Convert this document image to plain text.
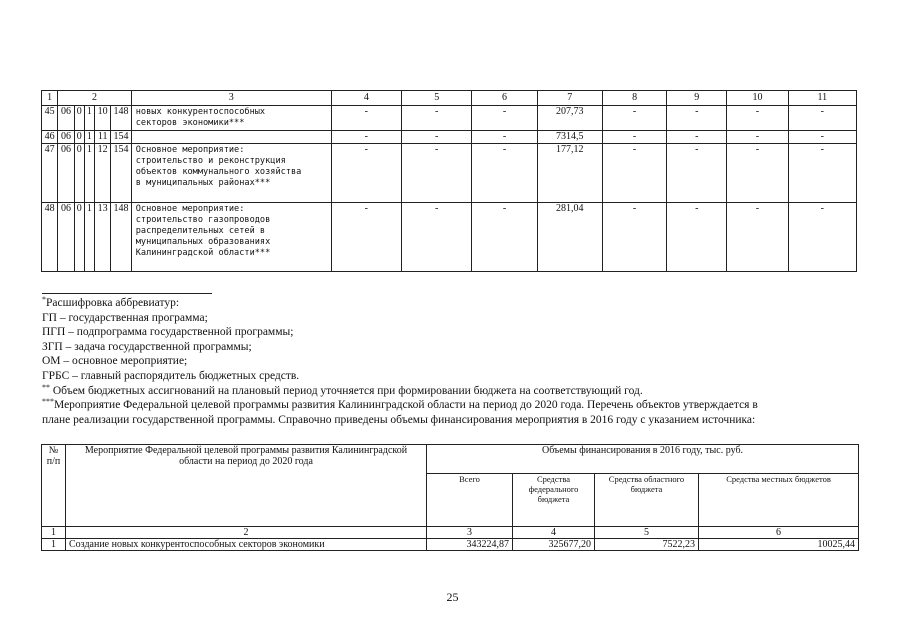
1	2					3	4	5	6	7	8	9	10	11
45	06	0	1	10	148	новых конкурентоспособных
секторов экономики***	-	-	-	207,73	-	-	-	-
46	06	0	1	11	154		-	-	-	7314,5	-	-	-	-
47	06	0	1	12	154	Основное мероприятие:
строительство и реконструкция
объектов коммунального хозяйства
в муниципальных районах***	-	-	-	177,12	-	-	-	-
48	06	0	1	13	148	Основное мероприятие:
строительство газопроводов
распределительных сетей в
муниципальных образованиях
Калининградской области***	-	-	-	281,04	-	-	-	-
*Расшифровка аббревиатур:
ГП – государственная программа;
ПГП – подпрограмма государственной программы;
ЗГП – задача государственной программы;
ОМ – основное мероприятие;
ГРБС – главный распорядитель бюджетных средств.
** Объем бюджетных ассигнований на плановый период уточняется при формировании бюджета на соответствующий год.
***Мероприятие Федеральной целевой программы развития Калининградской области на период до 2020 года. Перечень объектов утверждается в
плане реализации государственной программы. Справочно приведены объемы финансирования мероприятия в 2016 году с указанием источника:
№ п/п	Мероприятие Федеральной целевой программы развития Калининградской области на период до 2020 года	Объемы финансирования в 2016 году, тыс. руб.			
		Всего	Средства федерального бюджета	Средства областного бюджета	Средства местных бюджетов
1	2	3	4	5	6
1	Создание новых конкурентоспособных секторов экономики	343224,87	325677,20	7522,23	10025,44
25
